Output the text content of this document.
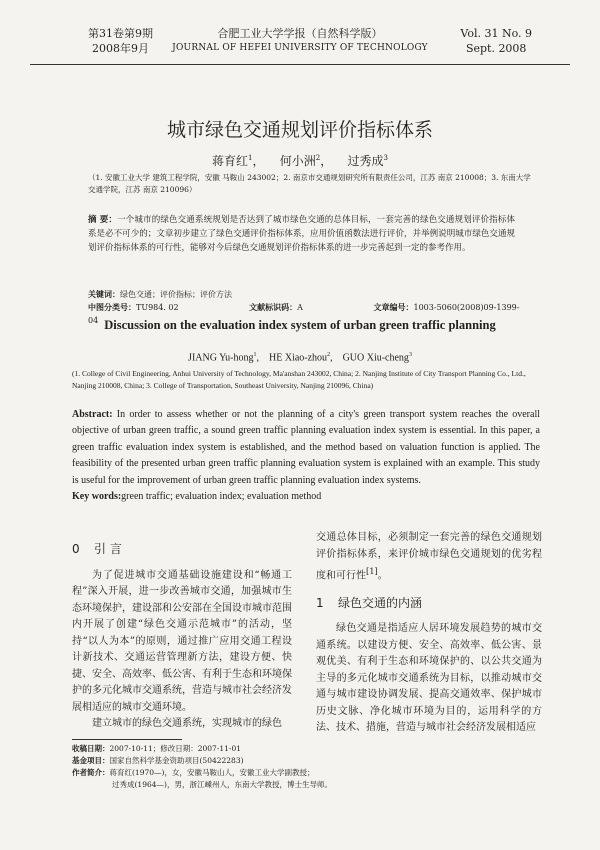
第31卷第9期
2008年9月
合肥工业大学学报（自然科学版）
JOURNAL OF HEFEI UNIVERSITY OF TECHNOLOGY
Vol. 31 No. 9
Sept. 2008
城市绿色交通规划评价指标体系
蒋育红$^1$，    何小洲$^2$，    过秀成$^3$
（1. 安徽工业大学 建筑工程学院，安徽 马鞍山 243002；2. 南京市交通规划研究所有限责任公司，江苏 南京 210008；3. 东南大学 交通学院，江苏 南京 210096）
摘 要：一个城市的绿色交通系统规划是否达到了城市绿色交通的总体目标，一套完善的绿色交通规划评价指标体系是必不可少的；文章初步建立了绿色交通评价指标体系，应用价值函数法进行评价，并举例说明城市绿色交通规划评价指标体系的可行性，能够对今后绿色交通规划评价指标体系的进一步完善起到一定的参考作用。
关键词：绿色交通；评价指标；评价方法
中图分类号：TU984. 02	文献标识码：A	文章编号：1003-5060(2008)09-1399-04 Discussion on the evaluation index system of urban green traffic planning
JIANG Yu-hong$^1$,    HE Xiao-zhou$^2$,    GUO Xiu-cheng$^3$
(1. College of Civil Engineering, Anhui University of Technology, Ma'anshan 243002, China; 2. Nanjing Institute of City Transport Planning Co., Ltd., Nanjing 210008, China; 3. College of Transportation, Southeast University, Nanjing 210096, China)
Abstract: In order to assess whether or not the planning of a city's green transport system reaches the overall objective of urban green traffic, a sound green traffic planning evaluation index system is essential. In this paper, a green traffic evaluation index system is established, and the method based on valuation function is applied. The feasibility of the presented urban green traffic planning evaluation system is explained with an example. This study is useful for the improvement of urban green traffic planning evaluation index systems.
Key words:green traffic; evaluation index; evaluation method
0 引 言

为了促进城市交通基础设施建设和“畅通工程”深入开展，进一步改善城市交通，加强城市生态环境保护，建设部和公安部在全国设市城市范围内开展了创建“绿色交通示范城市”的活动，坚持“以人为本”的原则，通过推广应用交通工程设计新技术、交通运营管理新方法，建设方便、快捷、安全、高效率、低公害、有利于生态和环境保护的多元化城市交通系统，营造与城市社会经济发展相适应的城市交通环境。

建立城市的绿色交通系统，实现城市的绿色

交通总体目标，必须制定一套完善的绿色交通规划评价指标体系，来评价城市绿色交通规划的优劣程度和可行性[1]。

1 绿色交通的内涵

绿色交通是指适应人居环境发展趋势的城市交通系统。以建设方便、安全、高效率、低公害、景观优美、有利于生态和环境保护的、以公共交通为主导的多元化城市交通系统为目标，以推动城市交通与城市建设协调发展、提高交通效率、保护城市历史文脉、净化城市环境为目的，运用科学的方法、技术、措施，营造与城市社会经济发展相适应

收稿日期：2007-10-11；修改日期：2007-11-01
基金项目：国家自然科学基金资助项目(50422283)
作者简介：蒋育红(1970—)，女，安徽马鞍山人，安徽工业大学副教授；
过秀成(1964—)，男，浙江嵊州人，东南大学教授，博士生导师。
